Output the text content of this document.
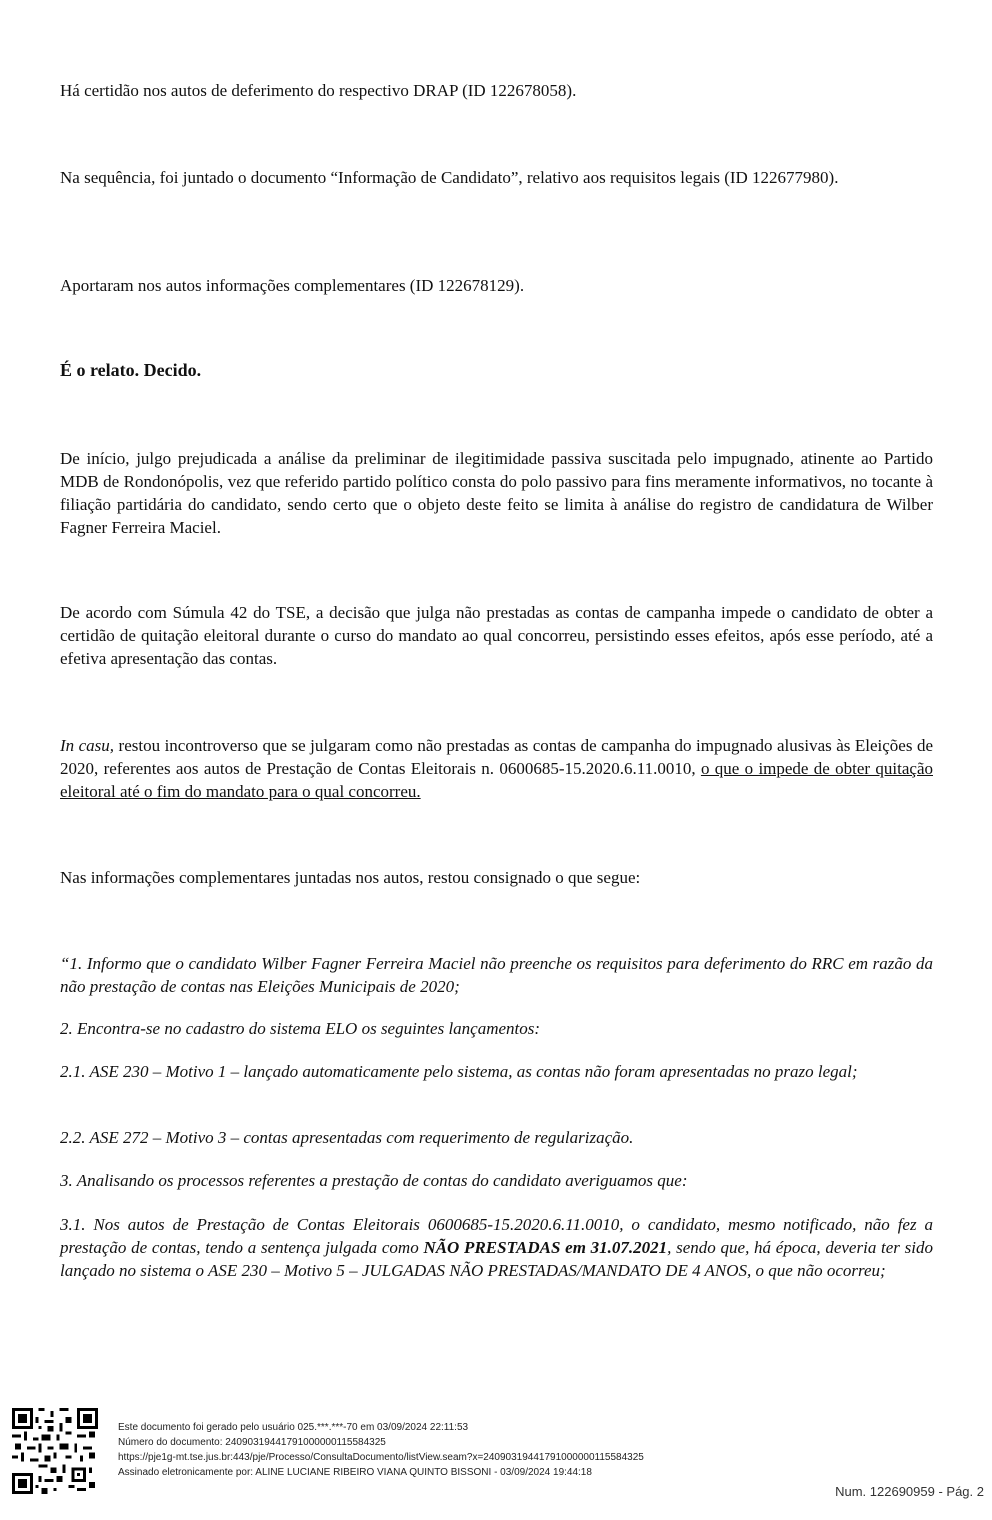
Há certidão nos autos de deferimento do respectivo DRAP (ID 122678058).

Na sequência, foi juntado o documento “Informação de Candidato”, relativo aos requisitos legais (ID 122677980).

Aportaram nos autos informações complementares (ID 122678129).

É o relato. Decido.

De início, julgo prejudicada a análise da preliminar de ilegitimidade passiva suscitada pelo impugnado, atinente ao Partido MDB de Rondonópolis, vez que referido partido político consta do polo passivo para fins meramente informativos, no tocante à filiação partidária do candidato, sendo certo que o objeto deste feito se limita à análise do registro de candidatura de Wilber Fagner Ferreira Maciel.

De acordo com Súmula 42 do TSE, a decisão que julga não prestadas as contas de campanha impede o candidato de obter a certidão de quitação eleitoral durante o curso do mandato ao qual concorreu, persistindo esses efeitos, após esse período, até a efetiva apresentação das contas.

In casu, restou incontroverso que se julgaram como não prestadas as contas de campanha do impugnado alusivas às Eleições de 2020, referentes aos autos de Prestação de Contas Eleitorais n. 0600685-15.2020.6.11.0010, o que o impede de obter quitação eleitoral até o fim do mandato para o qual concorreu.

Nas informações complementares juntadas nos autos, restou consignado o que segue:

“1. Informo que o candidato Wilber Fagner Ferreira Maciel não preenche os requisitos para deferimento do RRC em razão da não prestação de contas nas Eleições Municipais de 2020;

2. Encontra-se no cadastro do sistema ELO os seguintes lançamentos:

2.1. ASE 230 – Motivo 1 – lançado automaticamente pelo sistema, as contas não foram apresentadas no prazo legal;

2.2. ASE 272 – Motivo 3 – contas apresentadas com requerimento de regularização.

3. Analisando os processos referentes a prestação de contas do candidato averiguamos que:

3.1. Nos autos de Prestação de Contas Eleitorais 0600685-15.2020.6.11.0010, o candidato, mesmo notificado, não fez a prestação de contas, tendo a sentença julgada como NÃO PRESTADAS em 31.07.2021, sendo que, há época, deveria ter sido lançado no sistema o ASE 230 – Motivo 5 – JULGADAS NÃO PRESTADAS/MANDATO DE 4 ANOS, o que não ocorreu;

Este documento foi gerado pelo usuário 025.***.***-70 em 03/09/2024 22:11:53
Número do documento: 24090319441791000000115584325
https://pje1g-mt.tse.jus.br:443/pje/Processo/ConsultaDocumento/listView.seam?x=24090319441791000000115584325
Assinado eletronicamente por: ALINE LUCIANE RIBEIRO VIANA QUINTO BISSONI - 03/09/2024 19:44:18
Num. 122690959 - Pág. 2
